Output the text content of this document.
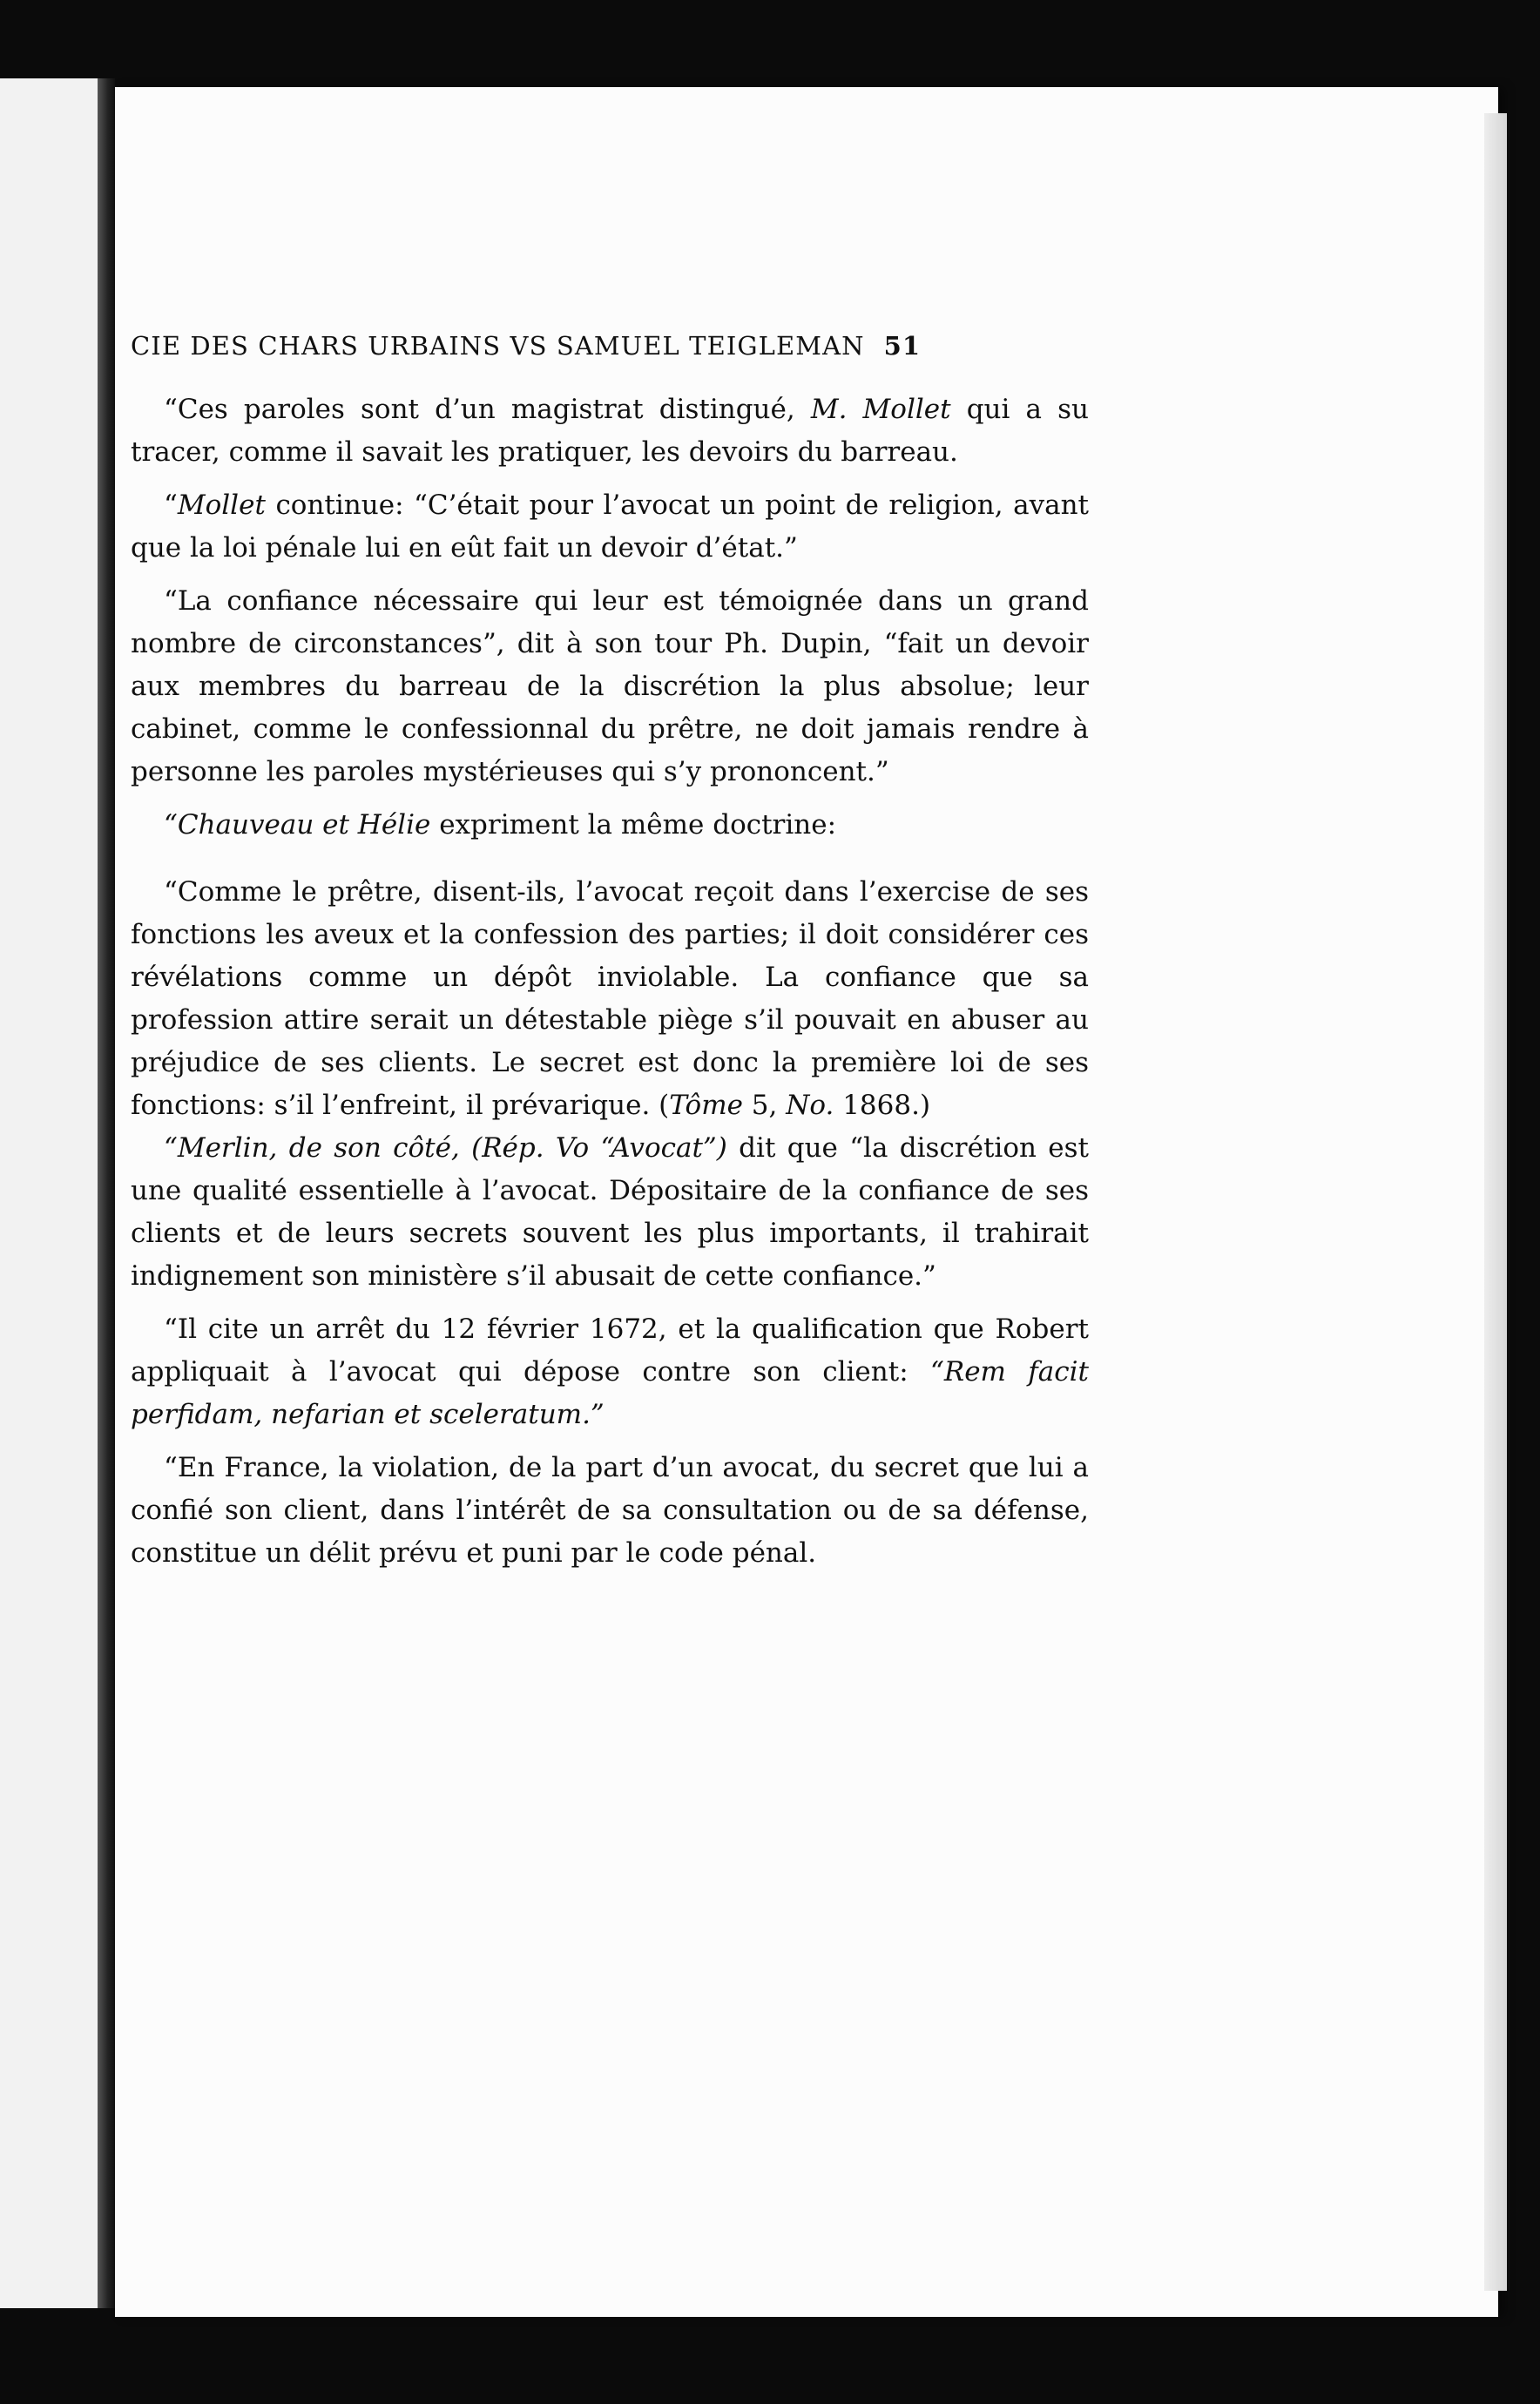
CIE DES CHARS URBAINS VS SAMUEL TEIGLEMAN 51

“Ces paroles sont d’un magistrat distingué, M. Mollet qui a su tracer, comme il savait les pratiquer, les devoirs du barreau.

“Mollet continue: “C’était pour l’avocat un point de religion, avant que la loi pénale lui en eût fait un devoir d’état.”

“La confiance nécessaire qui leur est témoignée dans un grand nombre de circonstances”, dit à son tour Ph. Dupin, “fait un devoir aux membres du barreau de la discrétion la plus absolue; leur cabinet, comme le confessionnal du prêtre, ne doit jamais rendre à personne les paroles mystérieuses qui s’y prononcent.”

“Chauveau et Hélie expriment la même doctrine:

“Comme le prêtre, disent-ils, l’avocat reçoit dans l’exercise de ses fonctions les aveux et la confession des parties; il doit considérer ces révélations comme un dépôt inviolable. La confiance que sa profession attire serait un détestable piège s’il pouvait en abuser au préjudice de ses clients. Le secret est donc la première loi de ses fonctions: s’il l’enfreint, il prévarique. (Tôme 5, No. 1868.)

“Merlin, de son côté, (Rép. Vo “Avocat”) dit que “la discrétion est une qualité essentielle à l’avocat. Dépositaire de la confiance de ses clients et de leurs secrets souvent les plus importants, il trahirait indignement son ministère s’il abusait de cette confiance.”

“Il cite un arrêt du 12 février 1672, et la qualification que Robert appliquait à l’avocat qui dépose contre son client: “Rem facit perfidam, nefarian et sceleratum.”

“En France, la violation, de la part d’un avocat, du secret que lui a confié son client, dans l’intérêt de sa consultation ou de sa défense, constitue un délit prévu et puni par le code pénal.
